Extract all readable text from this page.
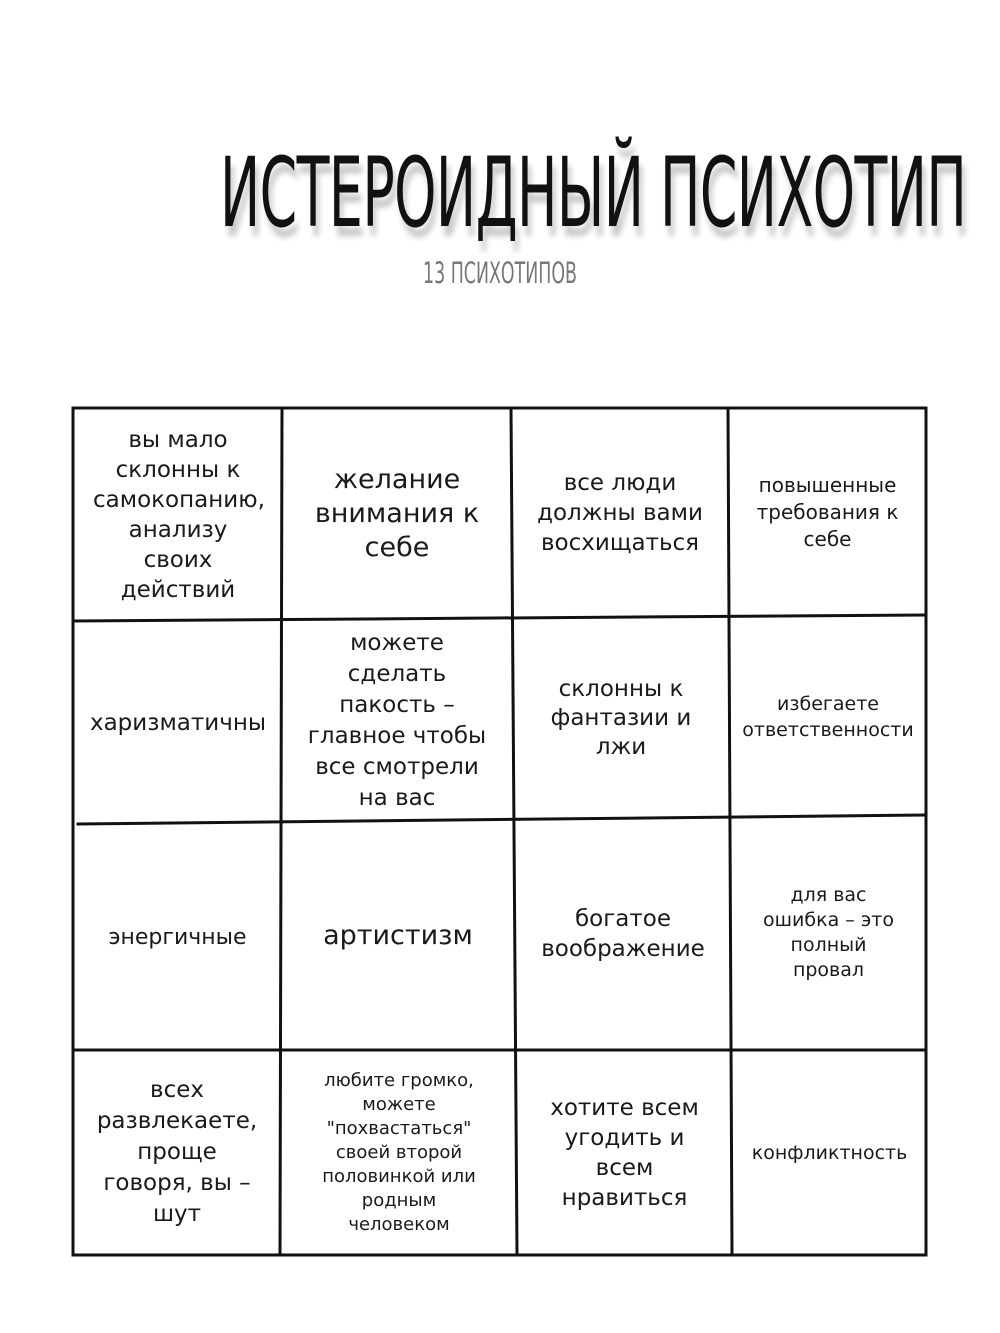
ИСТЕРОИДНЫЙ ПСИХОТИП
13 ПСИХОТИПОВ
вы мало склонны к самокопанию, анализу своих действий
желание внимания к себе
все люди должны вами восхищаться
повышенные требования к себе
харизматичны
можете сделать пакость – главное чтобы все смотрели на вас
склонны к фантазии и лжи
избегаете ответственности
энергичные	артистизм
богатое воображение
для вас ошибка – это полный провал
всех развлекаете, проще говоря, вы – шут
любите громко, можете "похвастаться" своей второй половинкой или родным человеком
хотите всем угодить и всем нравиться
конфликтность
